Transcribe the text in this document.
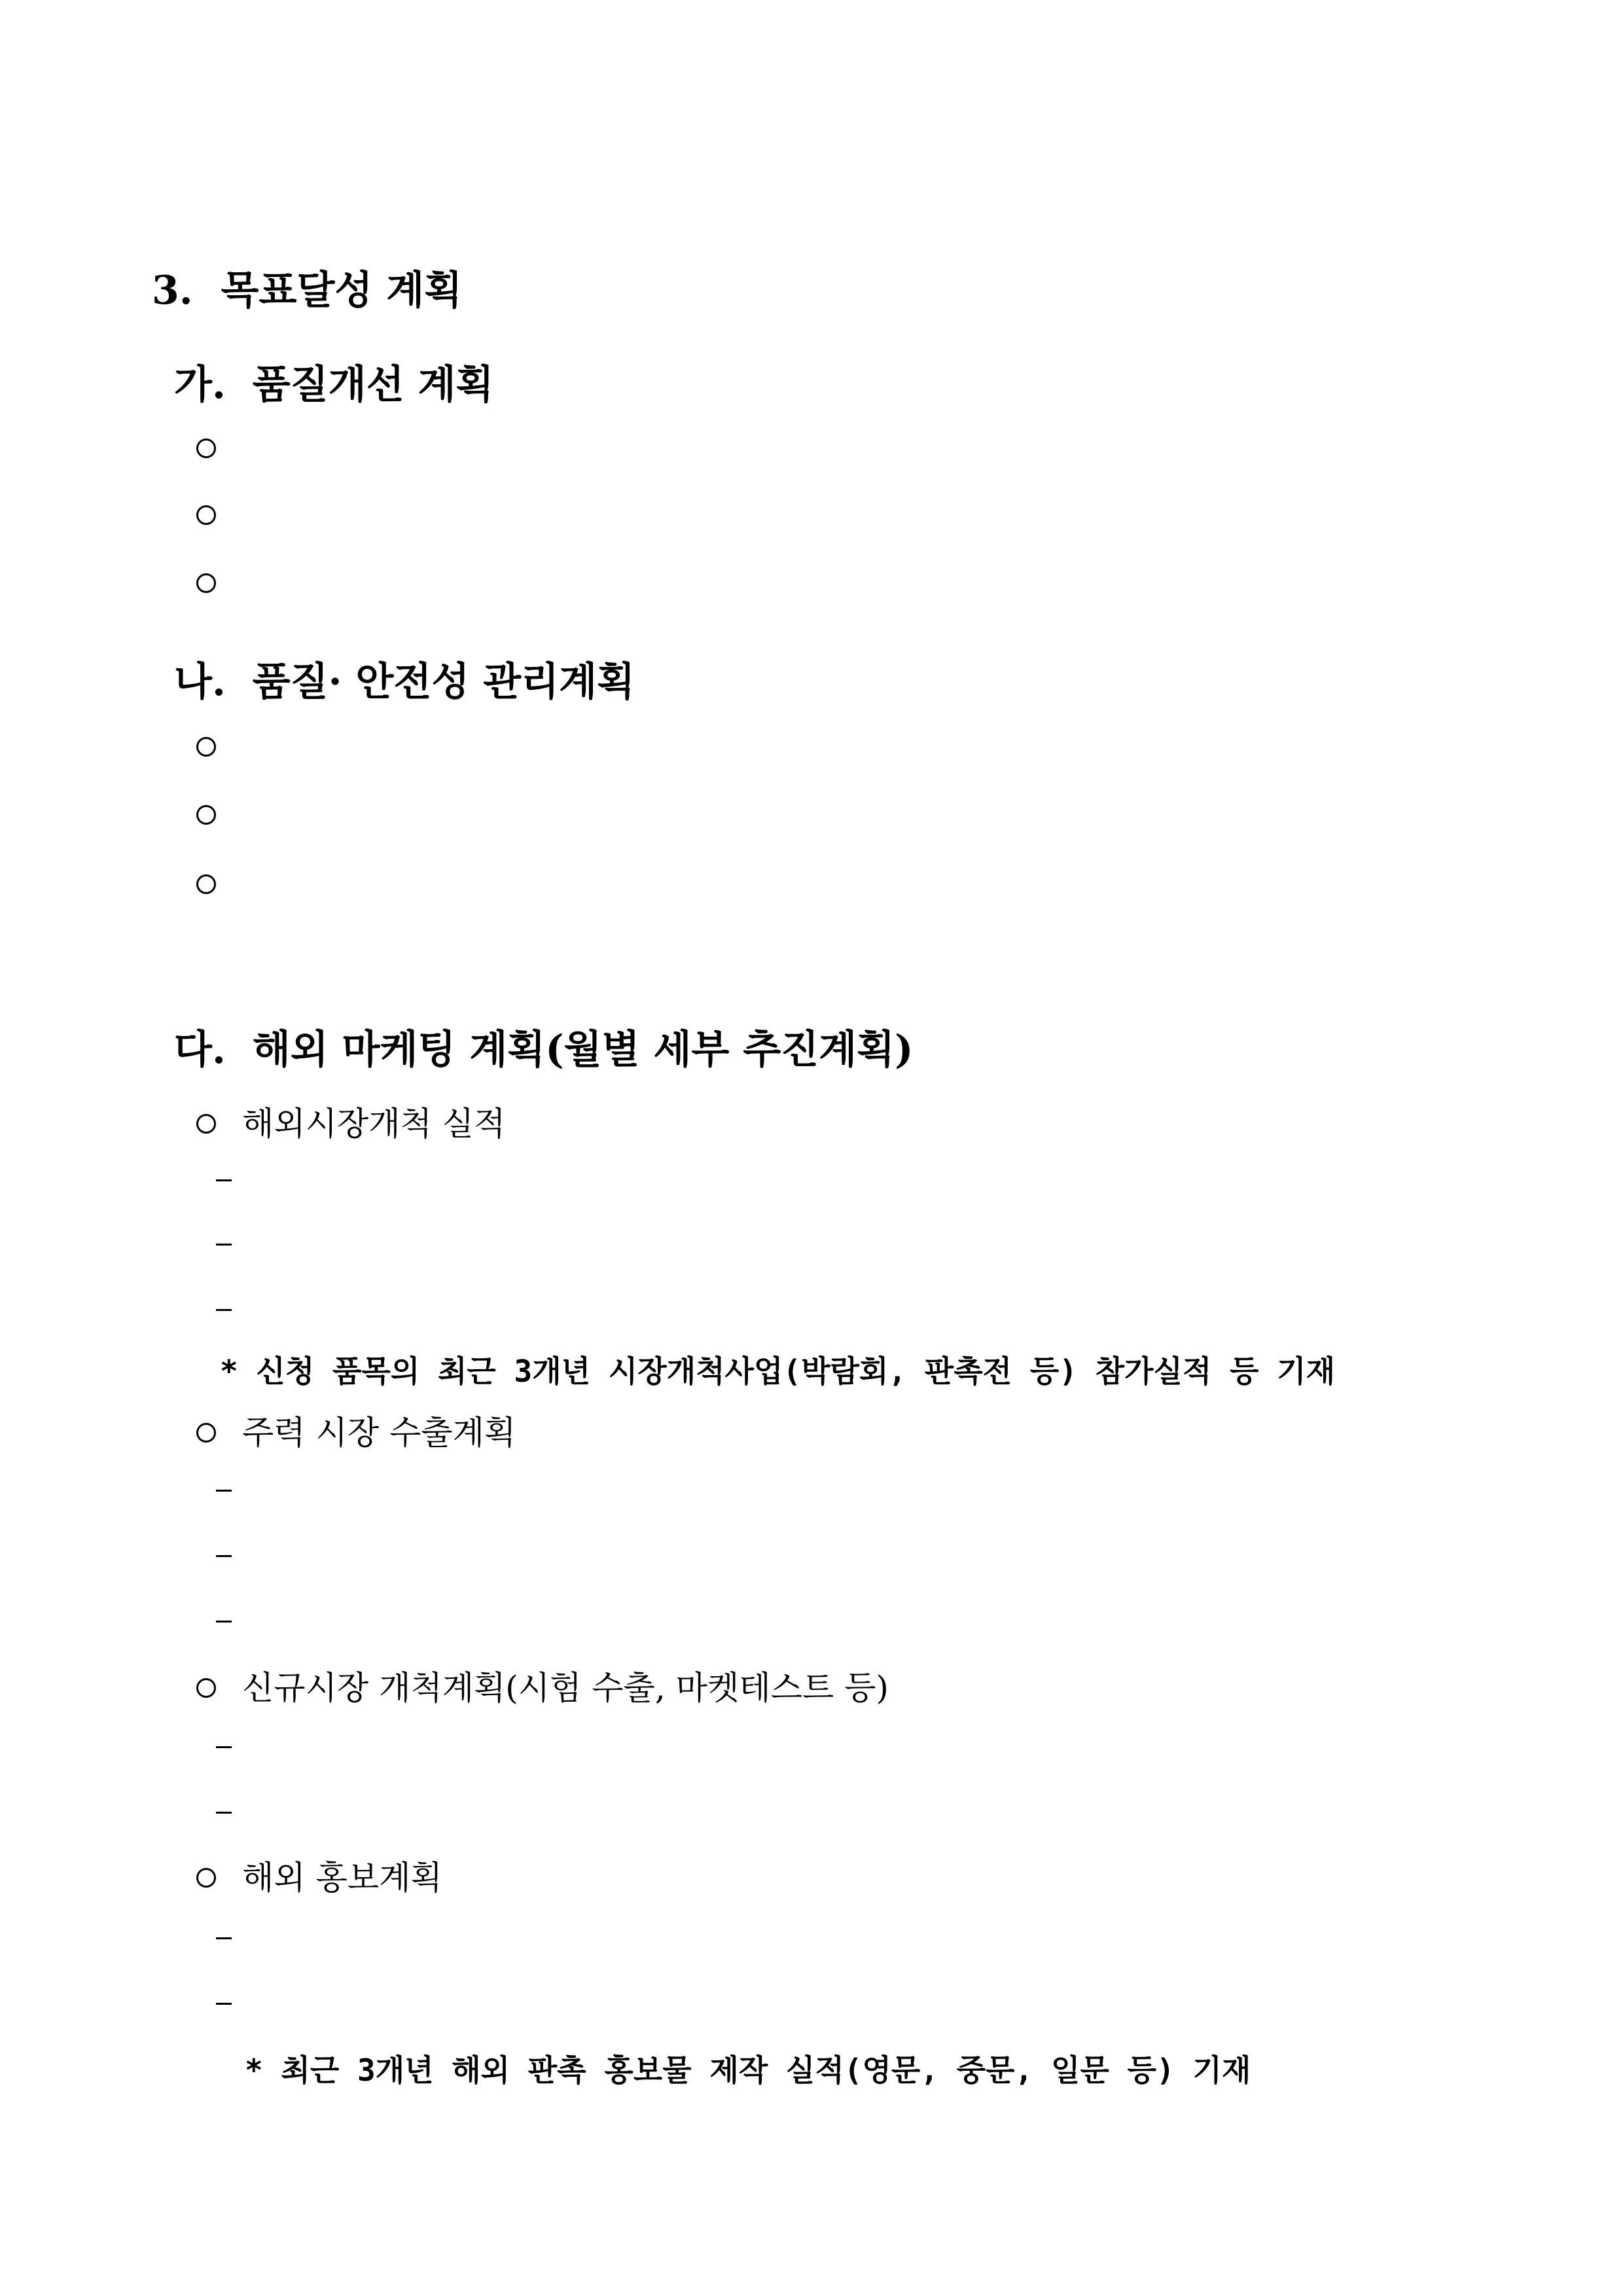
3. 목표달성 계획
가. 품질개선 계획
나. 품질· 안전성 관리계획
다. 해외 마케팅 계획(월별 세부 추진계획)
해외시장개척 실적
* 신청 품목의 최근 3개년 시장개척사업(박람회, 판촉전 등) 참가실적 등 기재
주력 시장 수출계획
신규시장 개척계획(시험 수출, 마켓테스트 등)
해외 홍보계획
* 최근 3개년 해외 판촉 홍보물 제작 실적(영문, 중문, 일문 등) 기재
